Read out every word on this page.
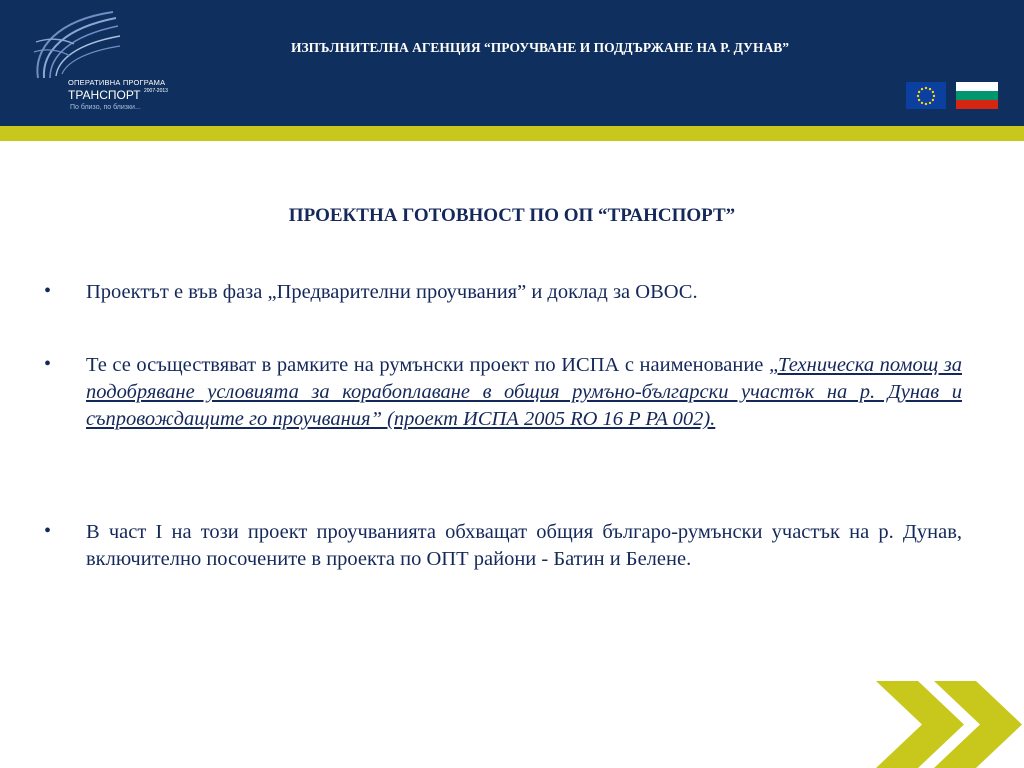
ОПЕРАТИВНА ПРОГРАМА
ТРАНСПОРТ 2007-2013
По близо, по близки...
ИЗПЪЛНИТЕЛНА АГЕНЦИЯ “ПРОУЧВАНЕ И ПОДДЪРЖАНЕ НА Р. ДУНАВ”
ПРОЕКТНА ГОТОВНОСТ ПО ОП “ТРАНСПОРТ”
• Проектът е във фаза „Предварителни проучвания” и доклад за ОВОС.
• Те се осъществяват в рамките на румънски проект по ИСПА с наименование „Техническа помощ за подобряване условията за корабоплаване в общия румъно-български участък на р. Дунав и съпровождащите го проучвания” (проект ИСПА 2005 RO 16 P PA 002).
• В част I на този проект проучванията обхващат общия българо-румънски участък на р. Дунав, включително посочените в проекта по ОПТ райони - Батин и Белене.
